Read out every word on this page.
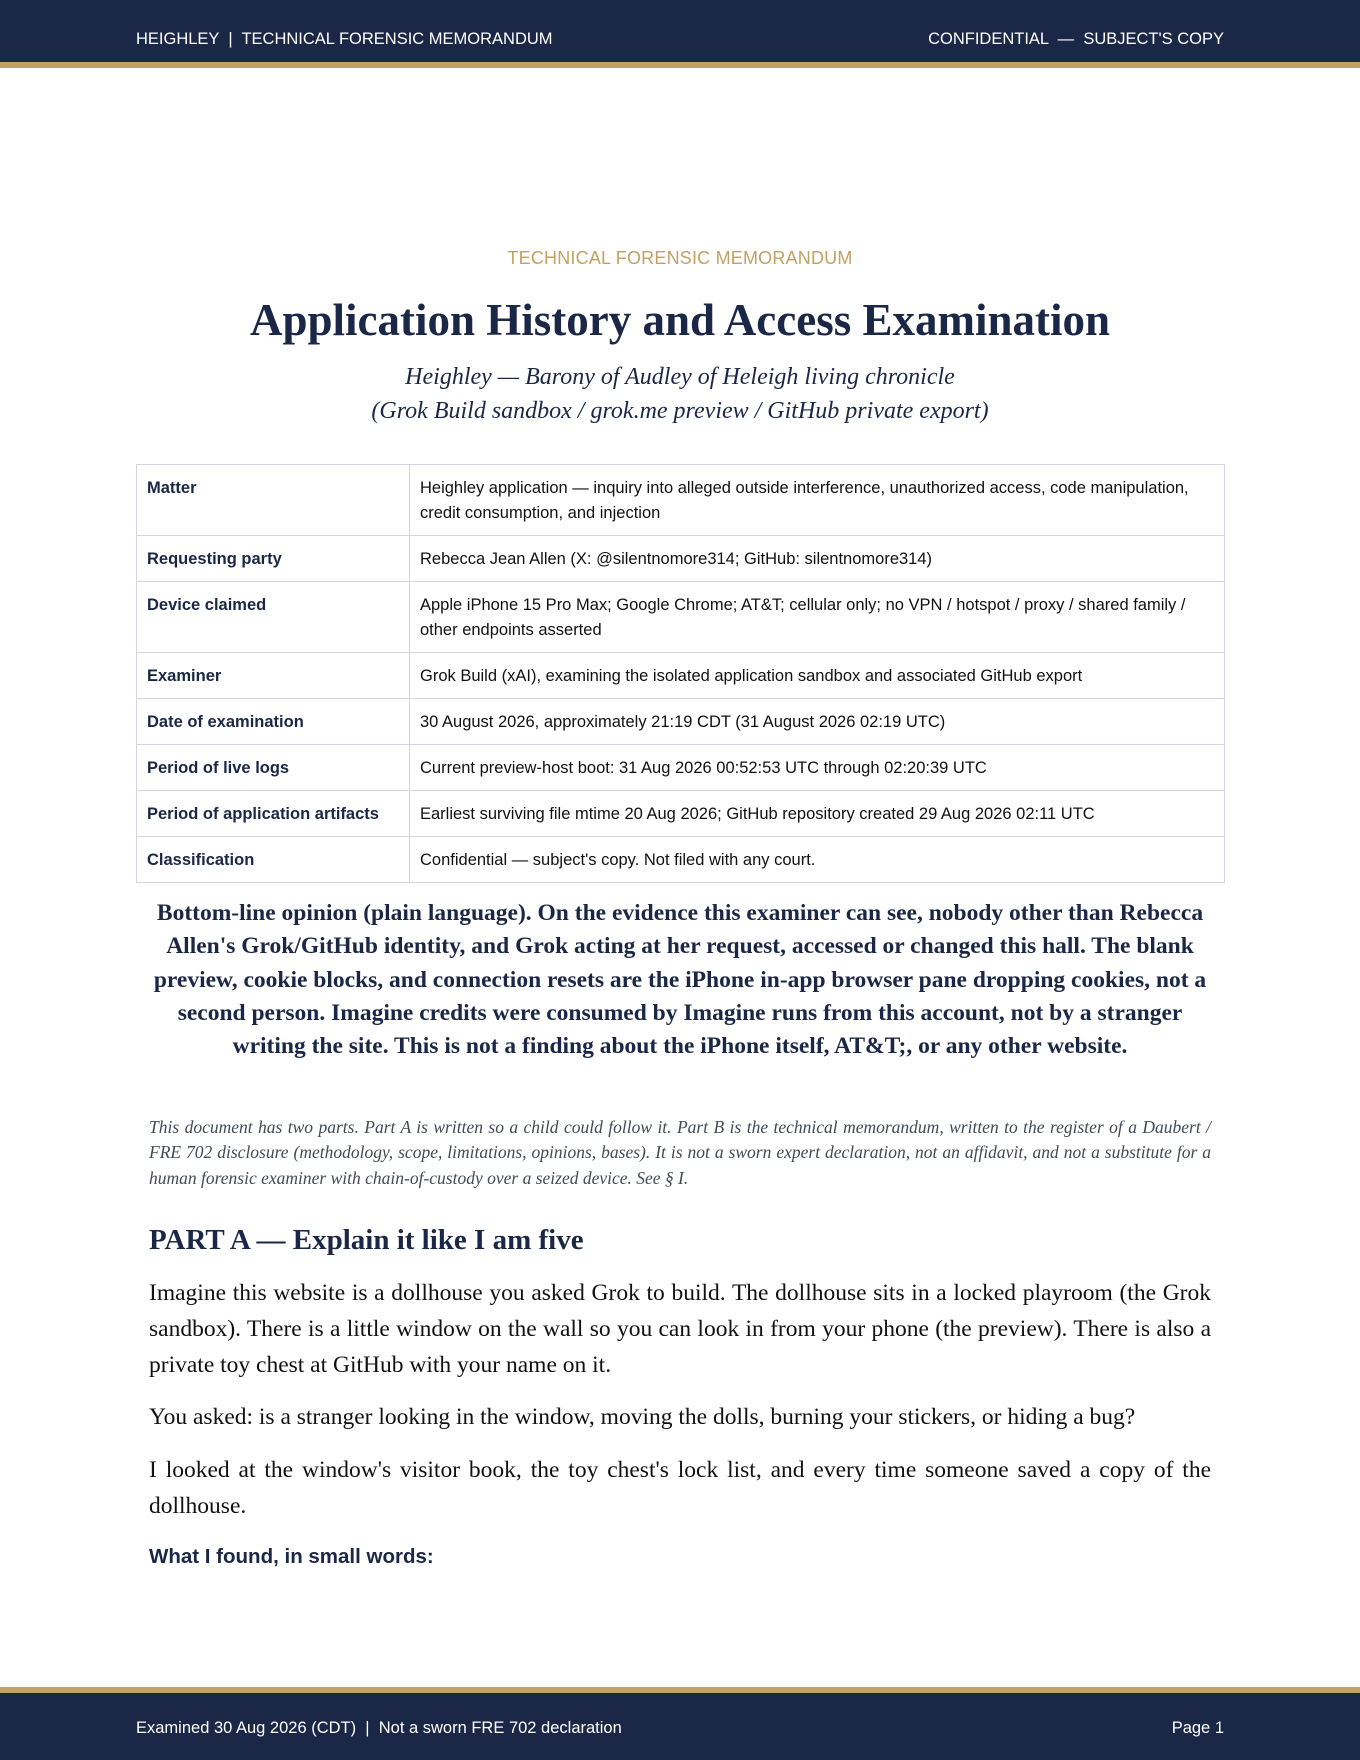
HEIGHLEY  |  TECHNICAL FORENSIC MEMORANDUM	CONFIDENTIAL  —  SUBJECT'S COPY
TECHNICAL FORENSIC MEMORANDUM
Application History and Access Examination
Heighley — Barony of Audley of Heleigh living chronicle
(Grok Build sandbox / grok.me preview / GitHub private export)
Matter	Heighley application — inquiry into alleged outside interference, unauthorized access, code manipulation, credit consumption, and injection
Requesting party	Rebecca Jean Allen (X: @silentnomore314; GitHub: silentnomore314)
Device claimed	Apple iPhone 15 Pro Max; Google Chrome; AT&T; cellular only; no VPN / hotspot / proxy / shared family / other endpoints asserted
Examiner	Grok Build (xAI), examining the isolated application sandbox and associated GitHub export
Date of examination	30 August 2026, approximately 21:19 CDT (31 August 2026 02:19 UTC)
Period of live logs	Current preview-host boot: 31 Aug 2026 00:52:53 UTC through 02:20:39 UTC
Period of application artifacts	Earliest surviving file mtime 20 Aug 2026; GitHub repository created 29 Aug 2026 02:11 UTC
Classification	Confidential — subject's copy. Not filed with any court.
Bottom-line opinion (plain language). On the evidence this examiner can see, nobody other than Rebecca Allen's Grok/GitHub identity, and Grok acting at her request, accessed or changed this hall. The blank preview, cookie blocks, and connection resets are the iPhone in-app browser pane dropping cookies, not a second person. Imagine credits were consumed by Imagine runs from this account, not by a stranger writing the site. This is not a finding about the iPhone itself, AT&T;, or any other website.
This document has two parts. Part A is written so a child could follow it. Part B is the technical memorandum, written to the register of a Daubert / FRE 702 disclosure (methodology, scope, limitations, opinions, bases). It is not a sworn expert declaration, not an affidavit, and not a substitute for a human forensic examiner with chain-of-custody over a seized device. See § I.
PART A — Explain it like I am five

Imagine this website is a dollhouse you asked Grok to build. The dollhouse sits in a locked playroom (the Grok sandbox). There is a little window on the wall so you can look in from your phone (the preview). There is also a private toy chest at GitHub with your name on it.

You asked: is a stranger looking in the window, moving the dolls, burning your stickers, or hiding a bug?

I looked at the window's visitor book, the toy chest's lock list, and every time someone saved a copy of the dollhouse.

What I found, in small words:
Examined 30 Aug 2026 (CDT)  |  Not a sworn FRE 702 declaration	Page 1
